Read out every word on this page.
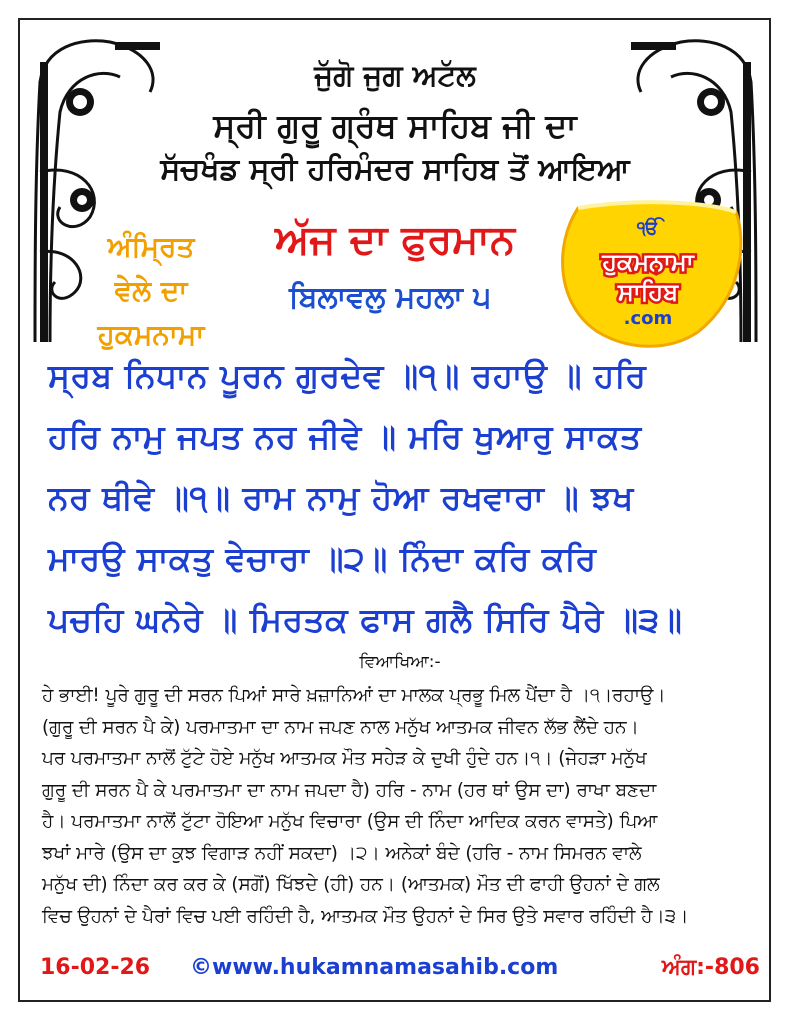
ਜੁੱਗੋ ਜੁਗ ਅਟੱਲ
ਸ੍ਰੀ ਗੁਰੂ ਗ੍ਰੰਥ ਸਾਹਿਬ ਜੀ ਦਾ
ਸੱਚਖੰਡ ਸ੍ਰੀ ਹਰਿਮੰਦਰ ਸਾਹਿਬ ਤੋਂ ਆਇਆ
ਅੰਮ੍ਰਿਤ
ਵੇਲੇ ਦਾ
ਹੁਕਮਨਾਮਾ
ਅੱਜ ਦਾ ਫੁਰਮਾਨ
ਬਿਲਾਵਲੁ ਮਹਲਾ ੫
ੴ
ਹੁਕਮਨਾਮਾ
ਸਾਹਿਬ
.com
ਸ੍ਰਬ ਨਿਧਾਨ ਪੂਰਨ ਗੁਰਦੇਵ ॥੧॥ ਰਹਾਉ ॥ ਹਰਿ
ਹਰਿ ਨਾਮੁ ਜਪਤ ਨਰ ਜੀਵੇ ॥ ਮਰਿ ਖੁਆਰੁ ਸਾਕਤ
ਨਰ ਥੀਵੇ ॥੧॥ ਰਾਮ ਨਾਮੁ ਹੋਆ ਰਖਵਾਰਾ ॥ ਝਖ
ਮਾਰਉ ਸਾਕਤੁ ਵੇਚਾਰਾ ॥੨॥ ਨਿੰਦਾ ਕਰਿ ਕਰਿ
ਪਚਹਿ ਘਨੇਰੇ ॥ ਮਿਰਤਕ ਫਾਸ ਗਲੈ ਸਿਰਿ ਪੈਰੇ ॥੩॥
ਵਿਆਖਿਆ:-
ਹੇ ਭਾਈ! ਪੂਰੇ ਗੁਰੂ ਦੀ ਸਰਨ ਪਿਆਂ ਸਾਰੇ ਖ਼ਜ਼ਾਨਿਆਂ ਦਾ ਮਾਲਕ ਪ੍ਰਭੂ ਮਿਲ ਪੈਂਦਾ ਹੈ ।੧।ਰਹਾਉ।
(ਗੁਰੂ ਦੀ ਸਰਨ ਪੈ ਕੇ) ਪਰਮਾਤਮਾ ਦਾ ਨਾਮ ਜਪਣ ਨਾਲ ਮਨੁੱਖ ਆਤਮਕ ਜੀਵਨ ਲੱਭ ਲੈਂਦੇ ਹਨ।
ਪਰ ਪਰਮਾਤਮਾ ਨਾਲੋਂ ਟੁੱਟੇ ਹੋਏ ਮਨੁੱਖ ਆਤਮਕ ਮੌਤ ਸਹੇੜ ਕੇ ਦੁਖੀ ਹੁੰਦੇ ਹਨ।੧। (ਜੇਹੜਾ ਮਨੁੱਖ
ਗੁਰੂ ਦੀ ਸਰਨ ਪੈ ਕੇ ਪਰਮਾਤਮਾ ਦਾ ਨਾਮ ਜਪਦਾ ਹੈ) ਹਰਿ - ਨਾਮ (ਹਰ ਥਾਂ ਉਸ ਦਾ) ਰਾਖਾ ਬਣਦਾ
ਹੈ। ਪਰਮਾਤਮਾ ਨਾਲੋਂ ਟੁੱਟਾ ਹੋਇਆ ਮਨੁੱਖ ਵਿਚਾਰਾ (ਉਸ ਦੀ ਨਿੰਦਾ ਆਦਿਕ ਕਰਨ ਵਾਸਤੇ) ਪਿਆ
ਝਖਾਂ ਮਾਰੇ (ਉਸ ਦਾ ਕੁਝ ਵਿਗਾੜ ਨਹੀਂ ਸਕਦਾ) ।੨। ਅਨੇਕਾਂ ਬੰਦੇ (ਹਰਿ - ਨਾਮ ਸਿਮਰਨ ਵਾਲੇ
ਮਨੁੱਖ ਦੀ) ਨਿੰਦਾ ਕਰ ਕਰ ਕੇ (ਸਗੋਂ) ਖਿੱਝਦੇ (ਹੀ) ਹਨ। (ਆਤਮਕ) ਮੌਤ ਦੀ ਫਾਹੀ ਉਹਨਾਂ ਦੇ ਗਲ
ਵਿਚ ਉਹਨਾਂ ਦੇ ਪੈਰਾਂ ਵਿਚ ਪਈ ਰਹਿੰਦੀ ਹੈ, ਆਤਮਕ ਮੌਤ ਉਹਨਾਂ ਦੇ ਸਿਰ ਉਤੇ ਸਵਾਰ ਰਹਿੰਦੀ ਹੈ।੩।
16-02-26 ©www.hukamnamasahib.com	ਅੰਗ:-806
